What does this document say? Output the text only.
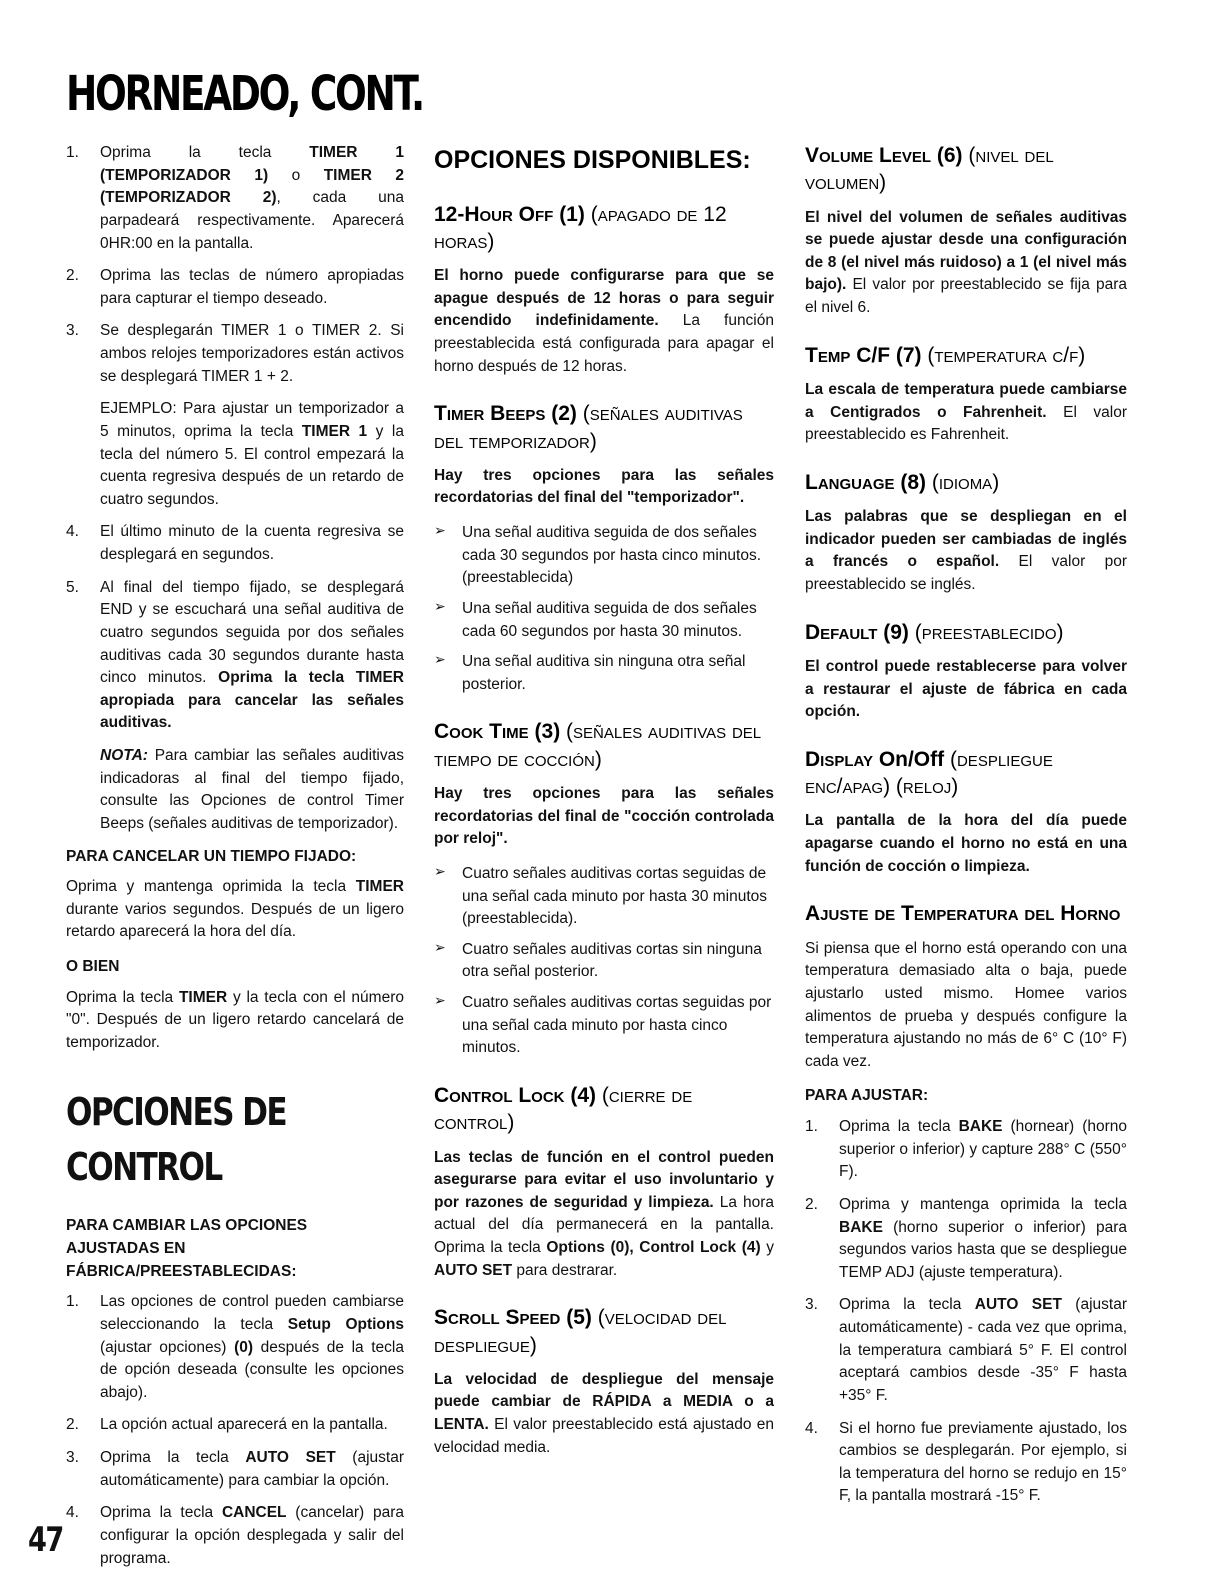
HORNEADO, CONT.
1.	Oprima la tecla TIMER 1 (TEMPORIZADOR 1) o TIMER 2 (TEMPORIZADOR 2), cada una parpadeará respectivamente. Aparecerá 0HR:00 en la pantalla.
2.	Oprima las teclas de número apropiadas para capturar el tiempo deseado.
3.	Se desplegarán TIMER 1 o TIMER 2. Si ambos relojes temporizadores están activos se desplegará TIMER 1 + 2.

EJEMPLO: Para ajustar un temporizador a 5 minutos, oprima la tecla TIMER 1 y la tecla del número 5. El control empezará la cuenta regresiva después de un retardo de cuatro segundos.

4.	El último minuto de la cuenta regresiva se desplegará en segundos.
5.	Al final del tiempo fijado, se desplegará END y se escuchará una señal auditiva de cuatro segundos seguida por dos señales auditivas cada 30 segundos durante hasta cinco minutos. Oprima la tecla TIMER apropiada para cancelar las señales auditivas.

NOTA: Para cambiar las señales auditivas indicadoras al final del tiempo fijado, consulte las Opciones de control Timer Beeps (señales auditivas de temporizador).

PARA CANCELAR UN TIEMPO FIJADO:

Oprima y mantenga oprimida la tecla TIMER durante varios segundos. Después de un ligero retardo aparecerá la hora del día.

O BIEN

Oprima la tecla TIMER y la tecla con el número "0". Después de un ligero retardo cancelará de temporizador.

OPCIONES DE CONTROL
PARA CAMBIAR LAS OPCIONES AJUSTADAS EN FÁBRICA/PREESTABLECIDAS:
1.	Las opciones de control pueden cambiarse seleccionando la tecla Setup Options (ajustar opciones) (0) después de la tecla de opción deseada (consulte les opciones abajo).
2.	La opción actual aparecerá en la pantalla.
3.	Oprima la tecla AUTO SET (ajustar automáticamente) para cambiar la opción.
4.	Oprima la tecla CANCEL (cancelar) para configurar la opción desplegada y salir del programa.
OPCIONES DISPONIBLES:
12-Hour Off (1) (apagado de 12 horas)

El horno puede configurarse para que se apague después de 12 horas o para seguir encendido indefinidamente. La función preestablecida está configurada para apagar el horno después de 12 horas.

Timer Beeps (2) (señales auditivas del temporizador)

Hay tres opciones para las señales recordatorias del final del "temporizador".

➢ Una señal auditiva seguida de dos señales cada 30 segundos por hasta cinco minutos. (preestablecida)
➢ Una señal auditiva seguida de dos señales cada 60 segundos por hasta 30 minutos.
➢ Una señal auditiva sin ninguna otra señal posterior.
Cook Time (3) (señales auditivas del tiempo de cocción)

Hay tres opciones para las señales recordatorias del final de "cocción controlada por reloj".

➢ Cuatro señales auditivas cortas seguidas de una señal cada minuto por hasta 30 minutos (preestablecida).
➢ Cuatro señales auditivas cortas sin ninguna otra señal posterior.
➢ Cuatro señales auditivas cortas seguidas por una señal cada minuto por hasta cinco minutos.
Control Lock (4) (cierre de control)

Las teclas de función en el control pueden asegurarse para evitar el uso involuntario y por razones de seguridad y limpieza. La hora actual del día permanecerá en la pantalla. Oprima la tecla Options (0), Control Lock (4) y AUTO SET para destrarar.

Scroll Speed (5) (velocidad del despliegue)

La velocidad de despliegue del mensaje puede cambiar de RÁPIDA a MEDIA o a LENTA. El valor preestablecido está ajustado en velocidad media.

Volume Level (6) (nivel del volumen)

El nivel del volumen de señales auditivas se puede ajustar desde una configuración de 8 (el nivel más ruidoso) a 1 (el nivel más bajo). El valor por preestablecido se fija para el nivel 6.

Temp C/F (7) (temperatura c/f)

La escala de temperatura puede cambiarse a Centigrados o Fahrenheit. El valor preestablecido es Fahrenheit.

Language (8) (idioma)

Las palabras que se despliegan en el indicador pueden ser cambiadas de inglés a francés o español. El valor por preestablecido se inglés.

Default (9) (preestablecido)

El control puede restablecerse para volver a restaurar el ajuste de fábrica en cada opción.

Display On/Off (despliegue enc/apag) (reloj)

La pantalla de la hora del día puede apagarse cuando el horno no está en una función de cocción o limpieza.

Ajuste de Temperatura del Horno

Si piensa que el horno está operando con una temperatura demasiado alta o baja, puede ajustarlo usted mismo. Homee varios alimentos de prueba y después configure la temperatura ajustando no más de 6° C (10° F) cada vez.

PARA AJUSTAR:
1.	Oprima la tecla BAKE (hornear) (horno superior o inferior) y capture 288° C (550° F).
2.	Oprima y mantenga oprimida la tecla BAKE (horno superior o inferior) para segundos varios hasta que se despliegue TEMP ADJ (ajuste temperatura).
3.	Oprima la tecla AUTO SET (ajustar automáticamente) - cada vez que oprima, la temperatura cambiará 5° F. El control aceptará cambios desde -35° F hasta +35° F.
4.	Si el horno fue previamente ajustado, los cambios se desplegarán. Por ejemplo, si la temperatura del horno se redujo en 15° F, la pantalla mostrará -15° F.
47
